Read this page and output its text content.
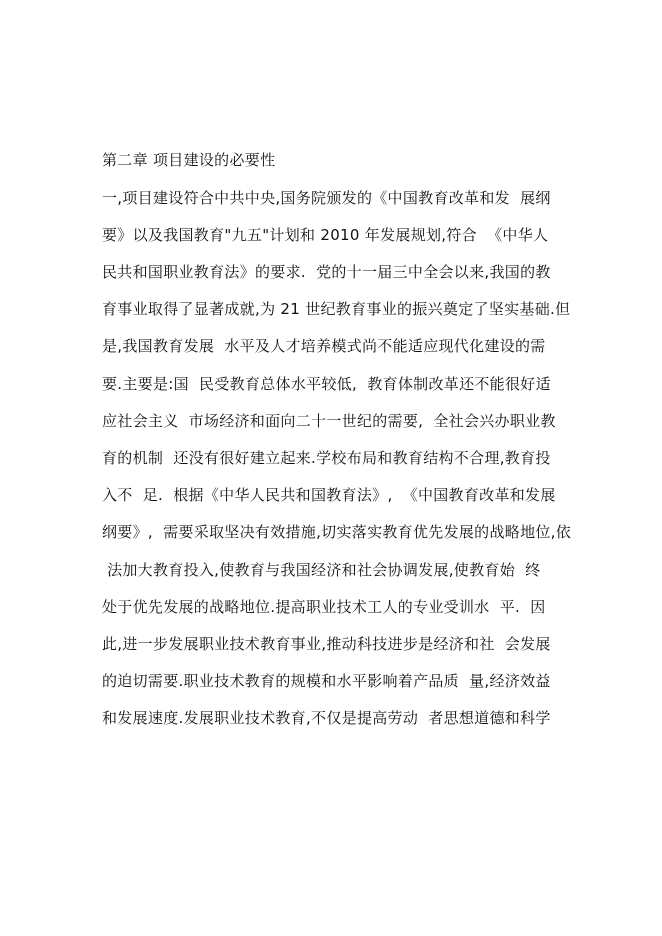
第二章 项目建设的必要性
一,项目建设符合中共中央,国务院颁发的《中国教育改革和发  展纲
要》以及我国教育"九五"计划和 2010 年发展规划,符合  《中华人
民共和国职业教育法》的要求.  党的十一届三中全会以来,我国的教
育事业取得了显著成就,为 21 世纪教育事业的振兴奠定了坚实基础.但
是,我国教育发展  水平及人才培养模式尚不能适应现代化建设的需
要.主要是:国  民受教育总体水平较低,  教育体制改革还不能很好适
应社会主义  市场经济和面向二十一世纪的需要,  全社会兴办职业教
育的机制  还没有很好建立起来.学校布局和教育结构不合理,教育投
入不  足.  根据《中华人民共和国教育法》,  《中国教育改革和发展
纲要》,  需要采取坚决有效措施,切实落实教育优先发展的战略地位,依
法加大教育投入,使教育与我国经济和社会协调发展,使教育始  终
处于优先发展的战略地位.提高职业技术工人的专业受训水  平.  因
此,进一步发展职业技术教育事业,推动科技进步是经济和社  会发展
的迫切需要.职业技术教育的规模和水平影响着产品质  量,经济效益
和发展速度.发展职业技术教育,不仅是提高劳动  者思想道德和科学
